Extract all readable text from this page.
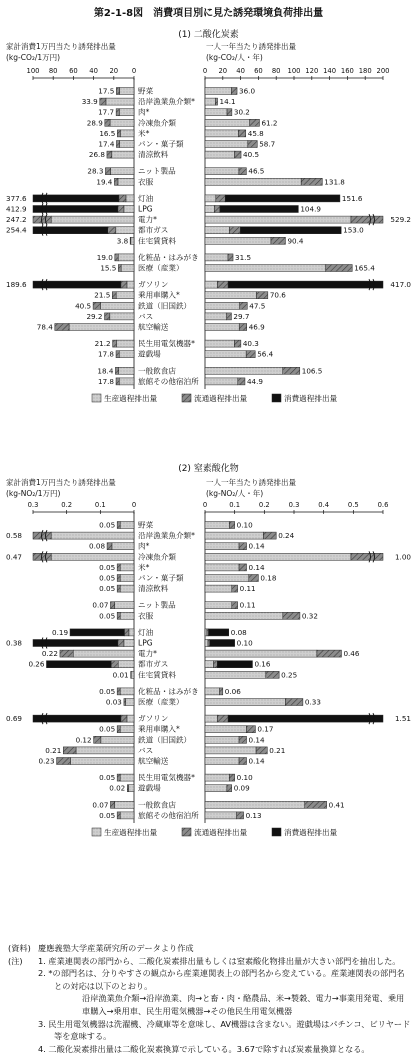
第2-1-8図　消費項目別に見た誘発環境負荷排出量
(1) 二酸化炭素
家計消費1万円当たり誘発排出量
(kg-CO₂/1万円)
一人一年当たり誘発排出量
(kg-CO₂/人・年)
100 80 60 40 20 0	0 20 40 60 80 100 120 140 160 180 200
野菜
17.5	36.0
沿岸漁業魚介類*
33.9	14.1
肉*
17.7	30.2
冷凍魚介類
28.9	61.2
米*
16.5	45.8
パン・菓子類
17.4	58.7
清涼飲料
26.8	40.5
ニット製品
28.3	46.5
衣服
19.4	131.8
灯油
377.6	151.6
LPG
412.9	104.9
電力*
247.2	529.2
都市ガス
254.4	153.0
住宅賃貸料
3.8	90.4
化粧品・はみがき
19.0	31.5
医療（産業）
15.5	165.4
ガソリン
189.6	417.0
乗用車購入*
21.5	70.6
鉄道（旧国鉄）
40.5	47.5
バス
29.2	29.7
航空輸送
78.4	46.9
民生用電気機器*
21.2	40.3
遊戯場
17.8	56.4
一般飲食店
18.4	106.5
旅館その他宿泊所
17.8	44.9
生産過程排出量	流通過程排出量	消費過程排出量
(2) 窒素酸化物
家計消費1万円当たり誘発排出量
(kg-NO₂/1万円)
一人一年当たり誘発排出量
(kg-NO₂/人・年)
0.3	0.2	0.1	0	0	0.1	0.2	0.3	0.4	0.5	0.6
野菜
0.05	0.10
沿岸漁業魚介類*
0.58	0.24
肉*
0.08	0.14
冷凍魚介類
0.47	1.00
米*
0.05	0.14
パン・菓子類
0.05	0.18
清涼飲料
0.05	0.11
ニット製品
0.07	0.11
衣服
0.05	0.32
灯油
0.19	0.08
LPG
0.38	0.10
電力*
0.22	0.46
都市ガス
0.26	0.16
住宅賃貸料
0.01	0.25
化粧品・はみがき
0.05	0.06
医療（産業）
0.03	0.33
ガソリン
0.69	1.51
乗用車購入*
0.05	0.17
鉄道（旧国鉄）
0.12	0.14
バス
0.21	0.21
航空輸送
0.23	0.14
民生用電気機器*
0.05	0.10
遊戯場
0.02	0.09
一般飲食店
0.07	0.41
旅館その他宿泊所
0.05	0.13
生産過程排出量	流通過程排出量	消費過程排出量
(資料) 慶應義塾大学産業研究所のデータより作成
(注)	1. 産業連関表の部門から、二酸化炭素排出量もしくは窒素酸化物排出量が大きい部門を抽出した。
2. *の部門名は、分りやすさの観点から産業連関表上の部門名から変えている。産業連関表の部門名との対応は以下のとおり。
沿岸漁業魚介類→沿岸漁業、肉→と畜・肉・酪農品、米→製穀、電力→事業用発電、乗用車購入→乗用車、民生用電気機器→その他民生用電気機器
3. 民生用電気機器は洗濯機、冷蔵庫等を意味し、AV機器は含まない。遊戯場はパチンコ、ビリヤード等を意味する。
4. 二酸化炭素排出量は二酸化炭素換算で示している。3.67で除すれば炭素量換算となる。
